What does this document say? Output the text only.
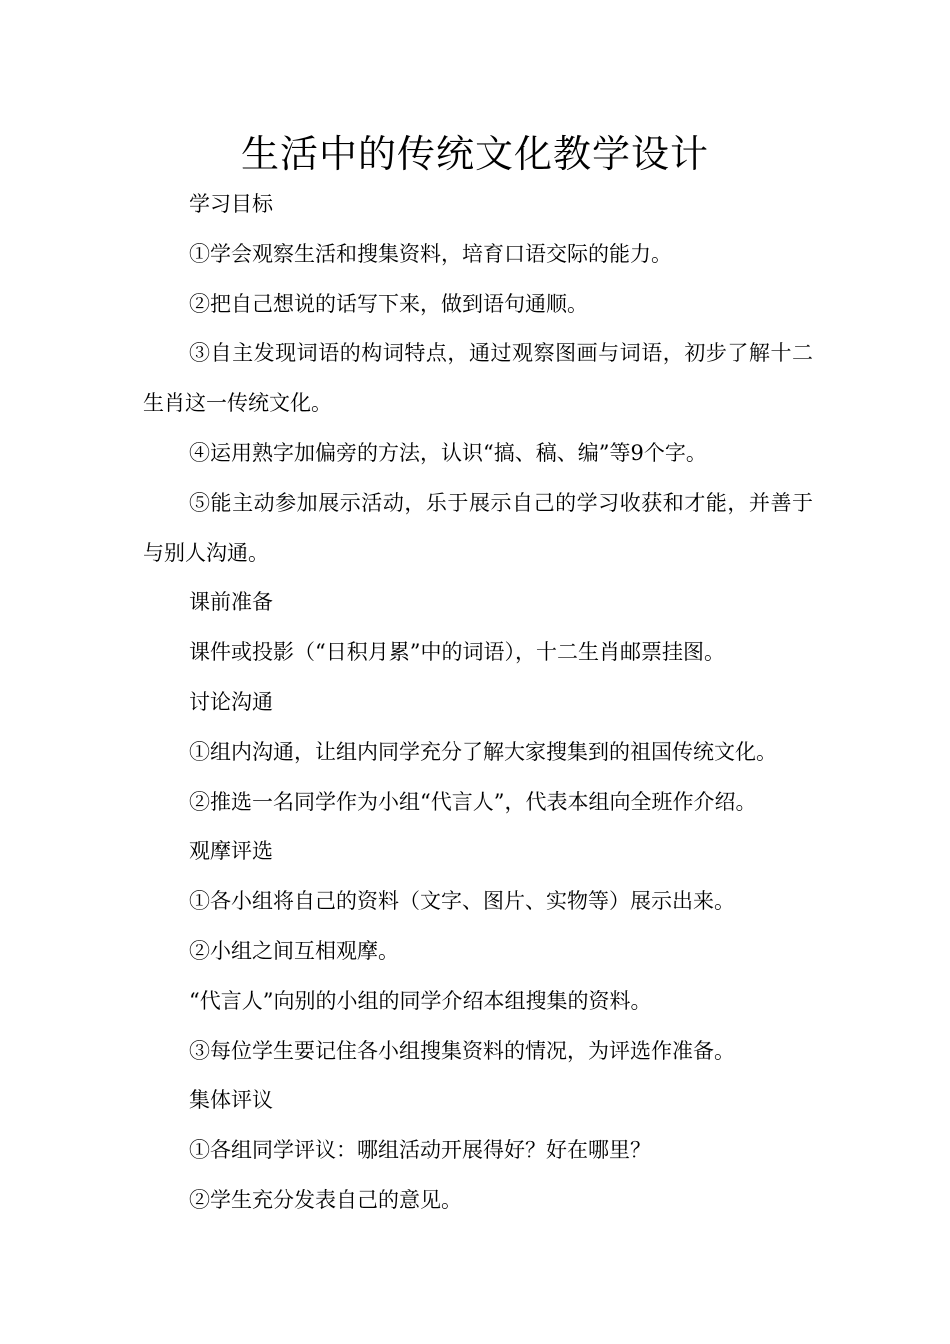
生活中的传统文化教学设计

学习目标

①学会观察生活和搜集资料，培育口语交际的能力。

②把自己想说的话写下来，做到语句通顺。

③自主发现词语的构词特点，通过观察图画与词语，初步了解十二生肖这一传统文化。

④运用熟字加偏旁的方法，认识“搞、稿、编”等9个字。

⑤能主动参加展示活动，乐于展示自己的学习收获和才能，并善于与别人沟通。

课前准备

课件或投影（“日积月累”中的词语），十二生肖邮票挂图。

讨论沟通

①组内沟通，让组内同学充分了解大家搜集到的祖国传统文化。

②推选一名同学作为小组“代言人”，代表本组向全班作介绍。

观摩评选

①各小组将自己的资料（文字、图片、实物等）展示出来。

②小组之间互相观摩。

“代言人”向别的小组的同学介绍本组搜集的资料。

③每位学生要记住各小组搜集资料的情况，为评选作准备。

集体评议

①各组同学评议：哪组活动开展得好？好在哪里？

②学生充分发表自己的意见。
